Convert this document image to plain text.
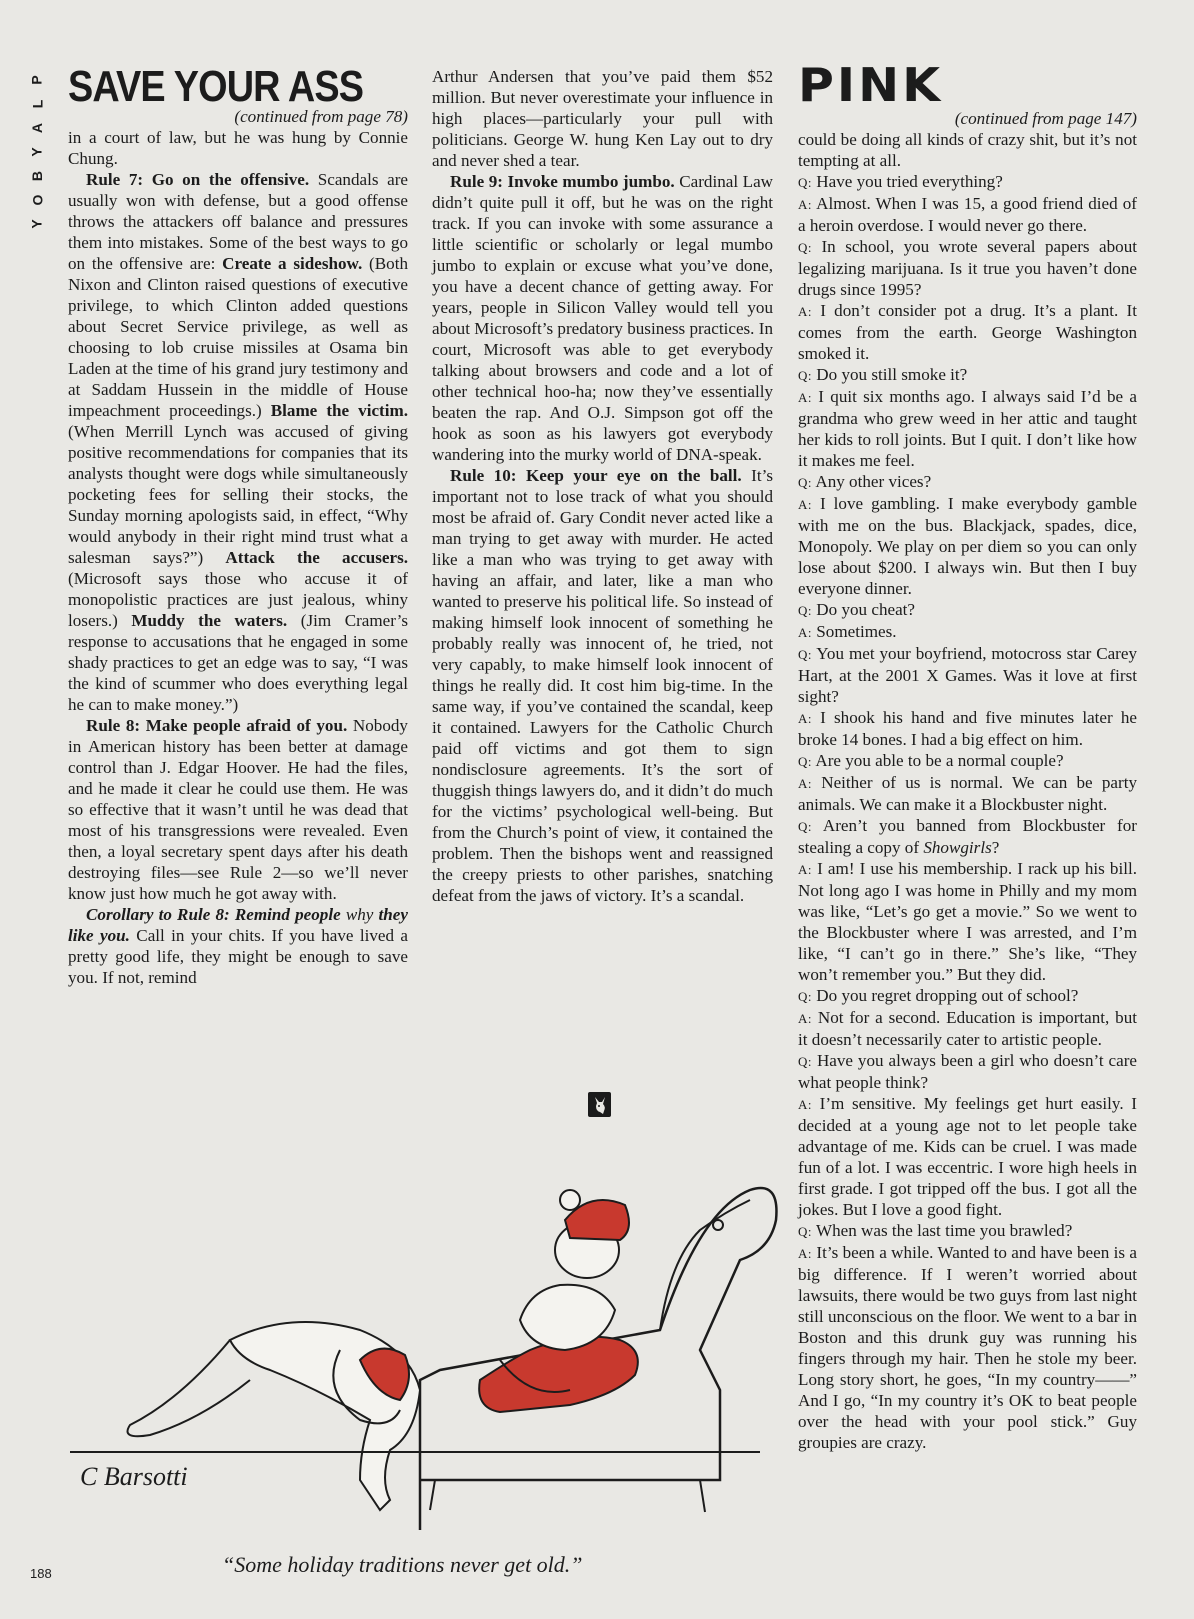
P
L
A
Y
B
O
Y
SAVE YOUR ASS
(continued from page 78)

in a court of law, but he was hung by Connie Chung.

Rule 7: Go on the offensive. Scandals are usually won with defense, but a good offense throws the attackers off balance and pressures them into mistakes. Some of the best ways to go on the offensive are: Create a sideshow. (Both Nixon and Clinton raised questions of executive privilege, to which Clinton added questions about Secret Service privilege, as well as choosing to lob cruise missiles at Osama bin Laden at the time of his grand jury testimony and at Saddam Hussein in the middle of House impeachment proceedings.) Blame the victim. (When Merrill Lynch was accused of giving positive recommendations for companies that its analysts thought were dogs while simultaneously pocketing fees for selling their stocks, the Sunday morning apologists said, in effect, “Why would anybody in their right mind trust what a salesman says?”) Attack the accusers. (Microsoft says those who accuse it of monopolistic practices are just jealous, whiny losers.) Muddy the waters. (Jim Cramer’s response to accusations that he engaged in some shady practices to get an edge was to say, “I was the kind of scummer who does everything legal he can to make money.”)

Rule 8: Make people afraid of you. Nobody in American history has been better at damage control than J. Edgar Hoover. He had the files, and he made it clear he could use them. He was so effective that it wasn’t until he was dead that most of his transgressions were revealed. Even then, a loyal secretary spent days after his death destroying files—see Rule 2—so we’ll never know just how much he got away with.

Corollary to Rule 8: Remind people why they like you. Call in your chits. If you have lived a pretty good life, they might be enough to save you. If not, remind

Arthur Andersen that you’ve paid them $52 million. But never overestimate your influence in high places—particularly your pull with politicians. George W. hung Ken Lay out to dry and never shed a tear.

Rule 9: Invoke mumbo jumbo. Cardinal Law didn’t quite pull it off, but he was on the right track. If you can invoke with some assurance a little scientific or scholarly or legal mumbo jumbo to explain or excuse what you’ve done, you have a decent chance of getting away. For years, people in Silicon Valley would tell you about Microsoft’s predatory business practices. In court, Microsoft was able to get everybody talking about browsers and code and a lot of other technical hoo-ha; now they’ve essentially beaten the rap. And O.J. Simpson got off the hook as soon as his lawyers got everybody wandering into the murky world of DNA-speak.

Rule 10: Keep your eye on the ball. It’s important not to lose track of what you should most be afraid of. Gary Condit never acted like a man trying to get away with murder. He acted like a man who was trying to get away with having an affair, and later, like a man who wanted to preserve his political life. So instead of making himself look innocent of something he probably really was innocent of, he tried, not very capably, to make himself look innocent of things he really did. It cost him big-time. In the same way, if you’ve contained the scandal, keep it contained. Lawyers for the Catholic Church paid off victims and got them to sign nondisclosure agreements. It’s the sort of thuggish things lawyers do, and it didn’t do much for the victims’ psychological well-being. But from the Church’s point of view, it contained the problem. Then the bishops went and reassigned the creepy priests to other parishes, snatching defeat from the jaws of victory. It’s a scandal.

PINK
(continued from page 147)

could be doing all kinds of crazy shit, but it’s not tempting at all.

Q: Have you tried everything?

A: Almost. When I was 15, a good friend died of a heroin overdose. I would never go there.

Q: In school, you wrote several papers about legalizing marijuana. Is it true you haven’t done drugs since 1995?

A: I don’t consider pot a drug. It’s a plant. It comes from the earth. George Washington smoked it.

Q: Do you still smoke it?

A: I quit six months ago. I always said I’d be a grandma who grew weed in her attic and taught her kids to roll joints. But I quit. I don’t like how it makes me feel.

Q: Any other vices?

A: I love gambling. I make everybody gamble with me on the bus. Blackjack, spades, dice, Monopoly. We play on per diem so you can only lose about $200. I always win. But then I buy everyone dinner.

Q: Do you cheat?

A: Sometimes.

Q: You met your boyfriend, motocross star Carey Hart, at the 2001 X Games. Was it love at first sight?

A: I shook his hand and five minutes later he broke 14 bones. I had a big effect on him.

Q: Are you able to be a normal couple?

A: Neither of us is normal. We can be party animals. We can make it a Blockbuster night.

Q: Aren’t you banned from Blockbuster for stealing a copy of Showgirls?

A: I am! I use his membership. I rack up his bill. Not long ago I was home in Philly and my mom was like, “Let’s go get a movie.” So we went to the Blockbuster where I was arrested, and I’m like, “I can’t go in there.” She’s like, “They won’t remember you.” But they did.

Q: Do you regret dropping out of school?

A: Not for a second. Education is important, but it doesn’t necessarily cater to artistic people.

Q: Have you always been a girl who doesn’t care what people think?

A: I’m sensitive. My feelings get hurt easily. I decided at a young age not to let people take advantage of me. Kids can be cruel. I was made fun of a lot. I was eccentric. I wore high heels in first grade. I got tripped off the bus. I got all the jokes. But I love a good fight.

Q: When was the last time you brawled?

A: It’s been a while. Wanted to and have been is a big difference. If I weren’t worried about lawsuits, there would be two guys from last night still unconscious on the floor. We went to a bar in Boston and this drunk guy was running his fingers through my hair. Then he stole my beer. Long story short, he goes, “In my country——” And I go, “In my country it’s OK to beat people over the head with your pool stick.” Guy groupies are crazy.

C Barsotti
“Some holiday traditions never get old.”
188
